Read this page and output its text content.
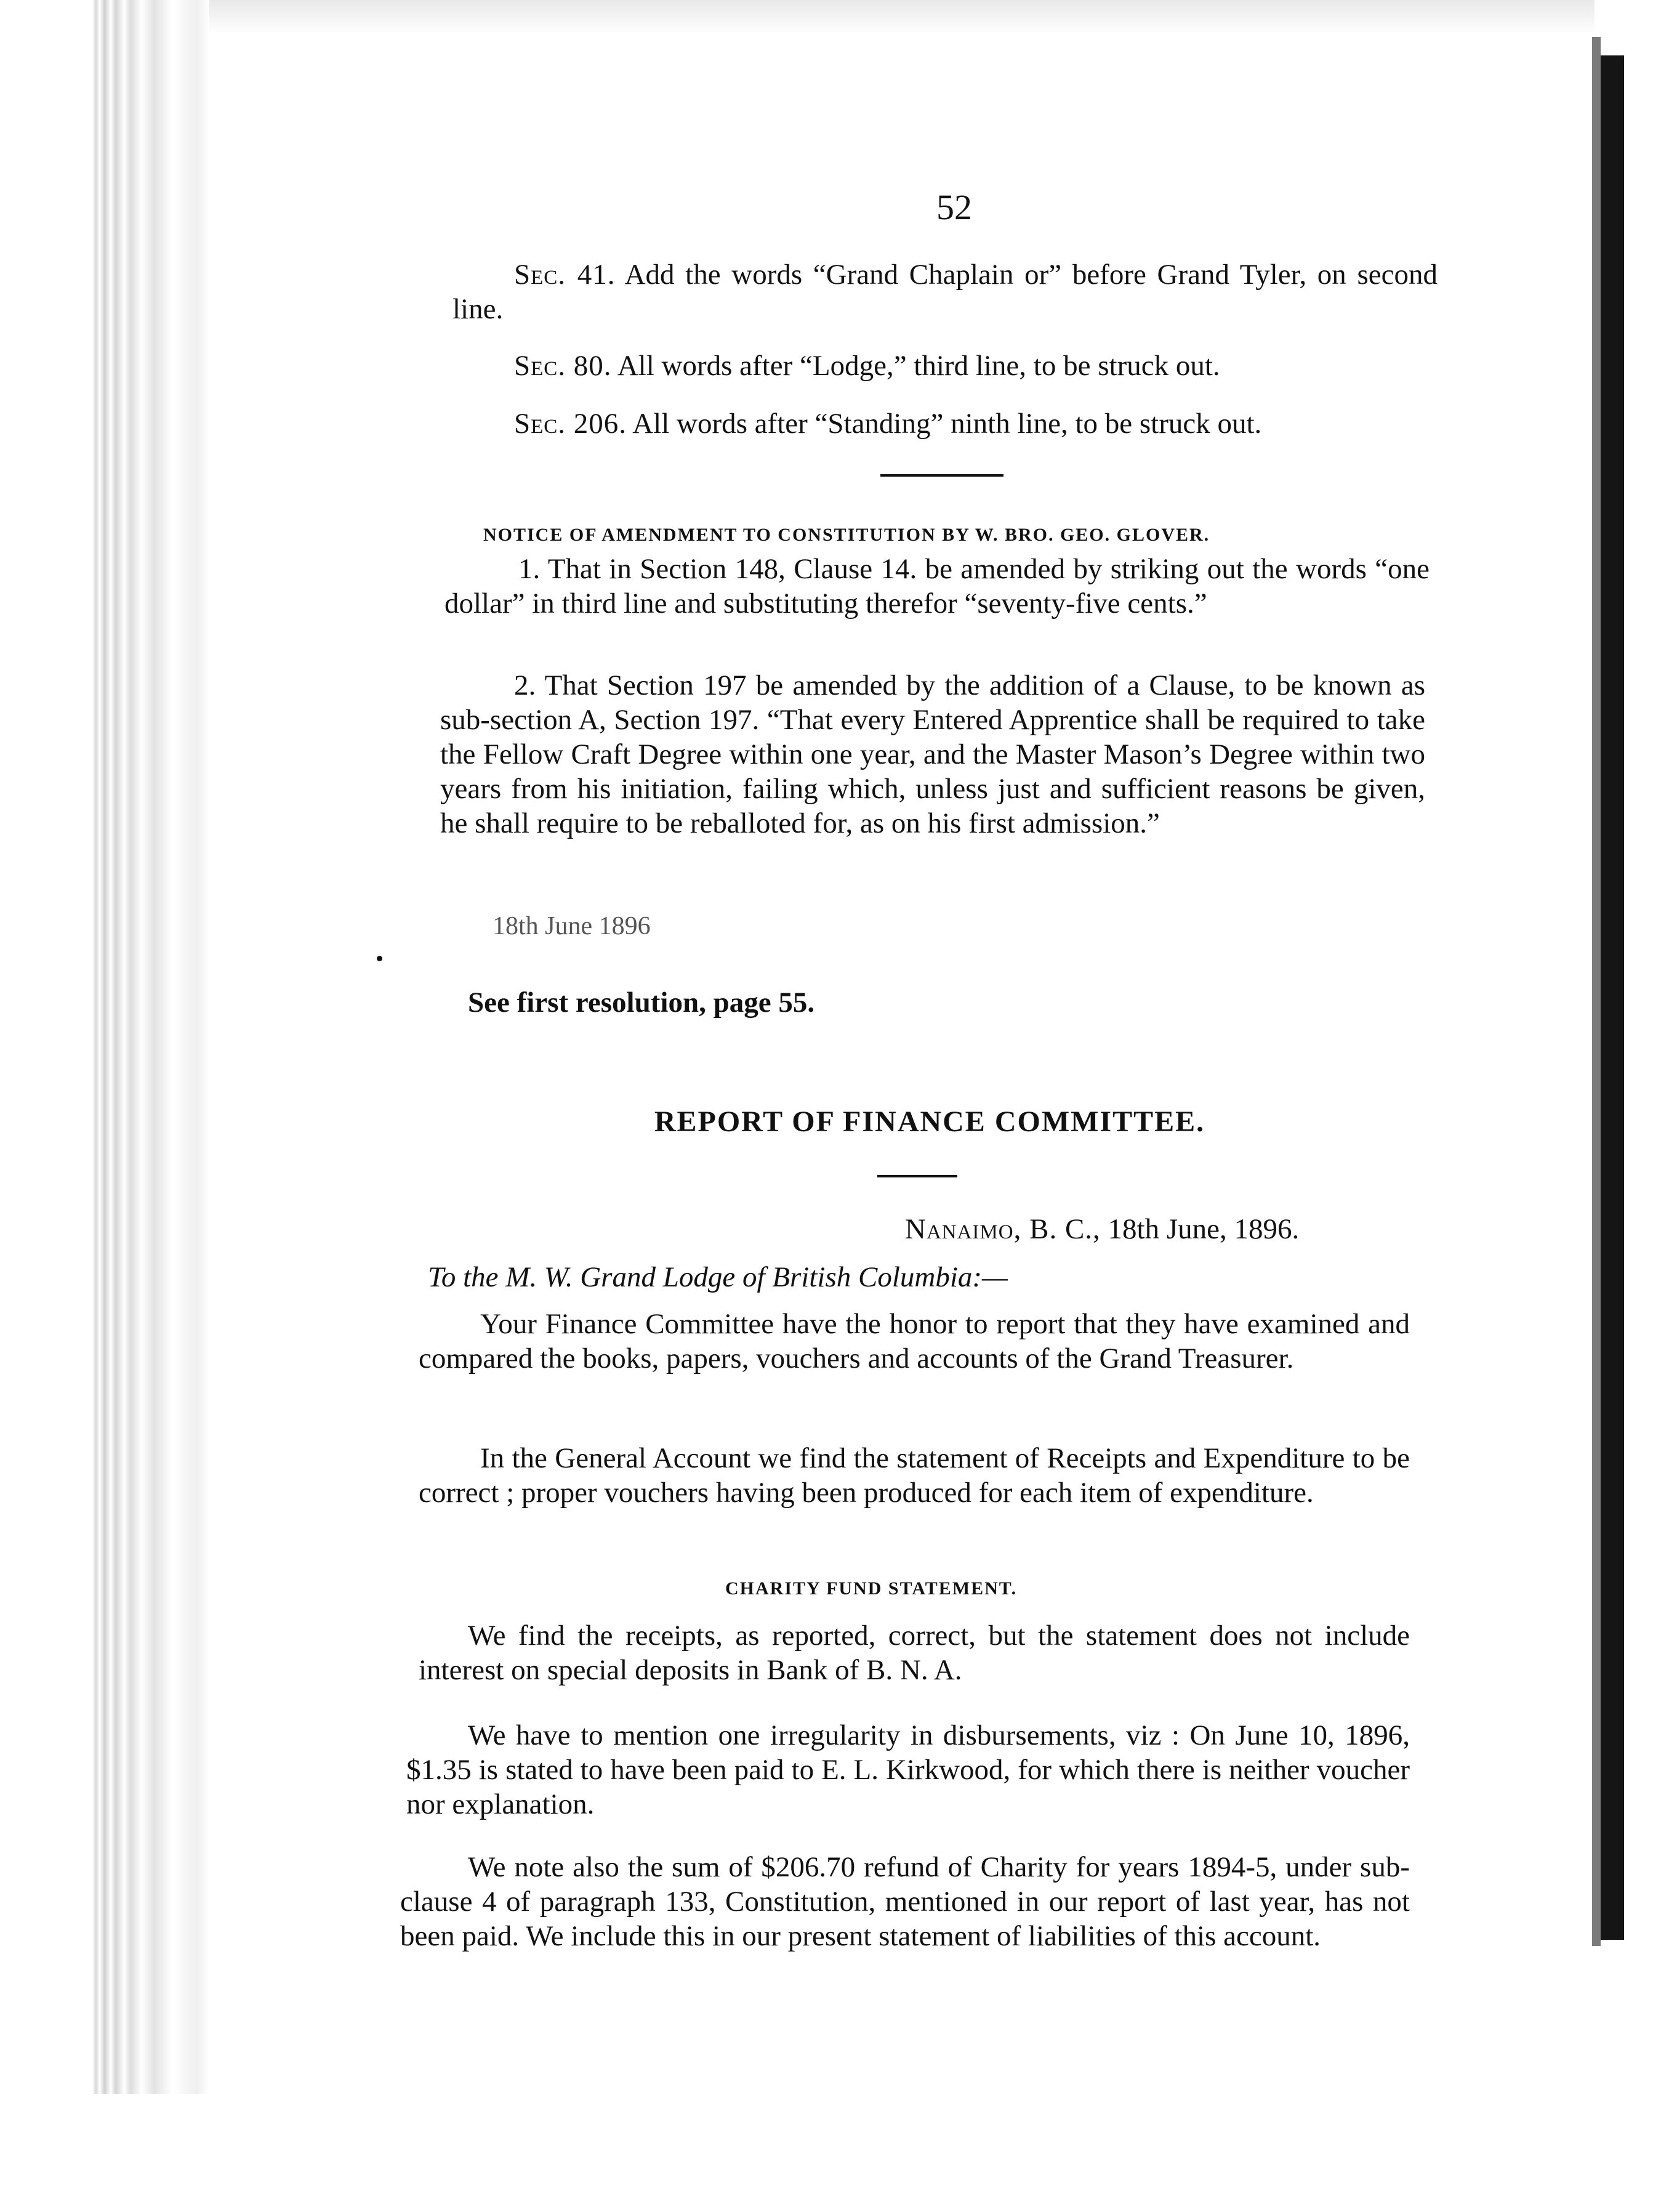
52
Sec. 41. Add the words “Grand Chaplain or” before Grand Tyler, on second line.
Sec. 80. All words after “Lodge,” third line, to be struck out.
Sec. 206. All words after “Standing” ninth line, to be struck out.
NOTICE OF AMENDMENT TO CONSTITUTION BY W. BRO. GEO. GLOVER.
1. That in Section 148, Clause 14. be amended by striking out the words “one dollar” in third line and substituting therefor “seventy-five cents.”
2. That Section 197 be amended by the addition of a Clause, to be known as sub-section A, Section 197. “That every Entered Apprentice shall be required to take the Fellow Craft Degree within one year, and the Master Mason’s Degree within two years from his initiation, failing which, unless just and sufficient reasons be given, he shall require to be reballoted for, as on his first admission.”
18th June 1896
See first resolution, page 55.
REPORT OF FINANCE COMMITTEE.
Nanaimo, B. C., 18th June, 1896.
To the M. W. Grand Lodge of British Columbia:—
Your Finance Committee have the honor to report that they have examined and compared the books, papers, vouchers and accounts of the Grand Treasurer.
In the General Account we find the statement of Receipts and Expenditure to be correct ; proper vouchers having been produced for each item of expenditure.
CHARITY FUND STATEMENT.
We find the receipts, as reported, correct, but the statement does not include interest on special deposits in Bank of B. N. A.
We have to mention one irregularity in disbursements, viz : On June 10, 1896, $1.35 is stated to have been paid to E. L. Kirkwood, for which there is neither voucher nor explanation.
We note also the sum of $206.70 refund of Charity for years 1894-5, under sub-clause 4 of paragraph 133, Constitution, mentioned in our report of last year, has not been paid. We include this in our present statement of liabilities of this account.
